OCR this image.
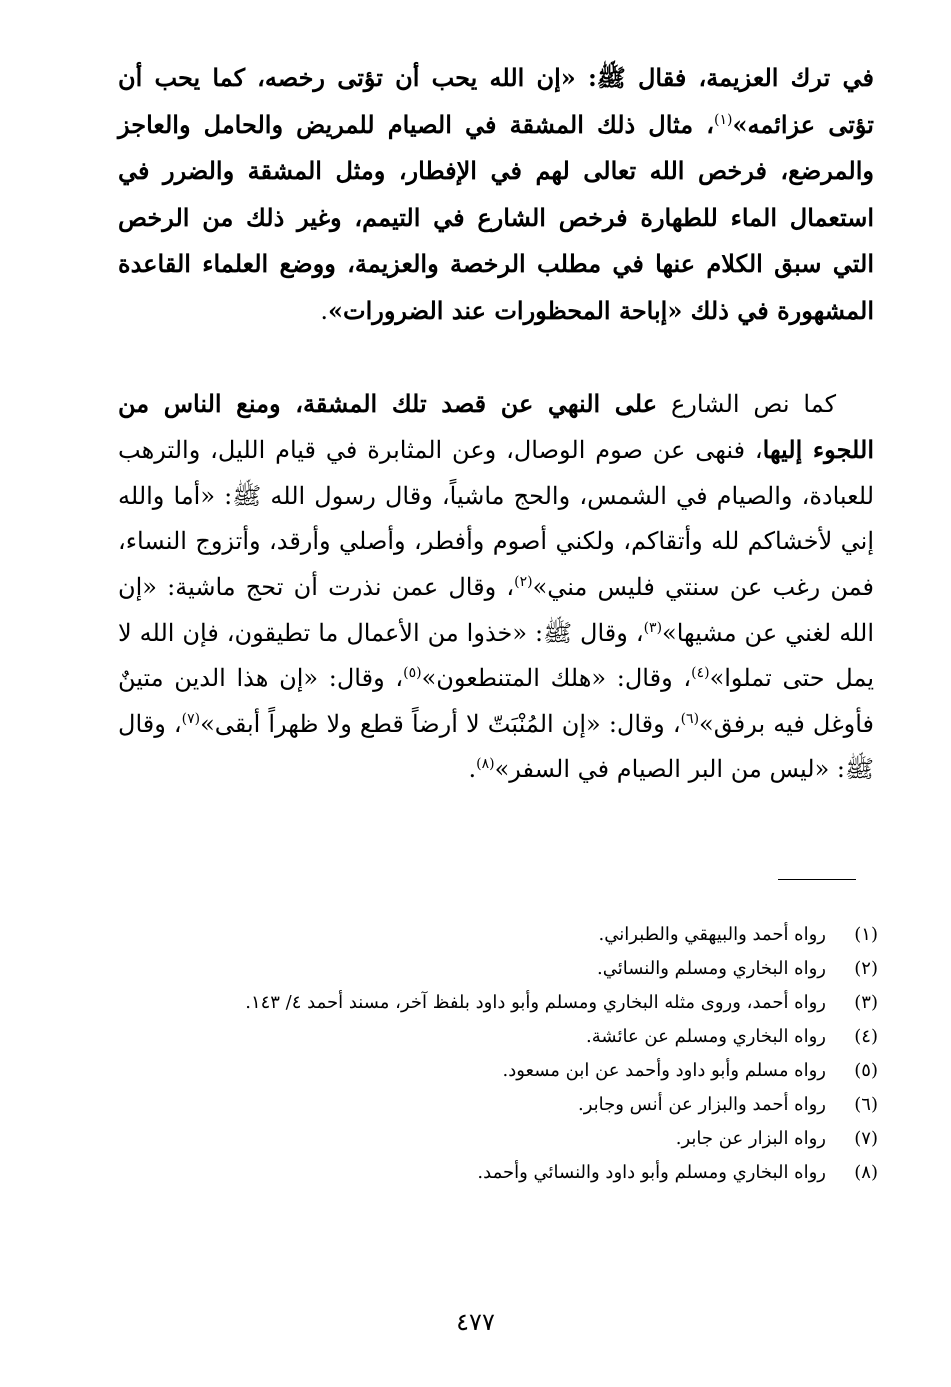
في ترك العزيمة، فقال ﷺ: «إن الله يحب أن تؤتى رخصه، كما يحب أن تؤتى عزائمه»$^{(١)}$، مثال ذلك المشقة في الصيام للمريض والحامل والعاجز والمرضع، فرخص الله تعالى لهم في الإفطار، ومثل المشقة والضرر في استعمال الماء للطهارة فرخص الشارع في التيمم، وغير ذلك من الرخص التي سبق الكلام عنها في مطلب الرخصة والعزيمة، ووضع العلماء القاعدة المشهورة في ذلك «إباحة المحظورات عند الضرورات».

كما نص الشارع على النهي عن قصد تلك المشقة، ومنع الناس من اللجوء إليها، فنهى عن صوم الوصال، وعن المثابرة في قيام الليل، والترهب للعبادة، والصيام في الشمس، والحج ماشياً، وقال رسول الله ﷺ: «أما والله إني لأخشاكم لله وأتقاكم، ولكني أصوم وأفطر، وأصلي وأرقد، وأتزوج النساء، فمن رغب عن سنتي فليس مني»$^{(٢)}$، وقال عمن نذرت أن تحج ماشية: «إن الله لغني عن مشيها»$^{(٣)}$، وقال ﷺ: «خذوا من الأعمال ما تطيقون، فإن الله لا يمل حتى تملوا»$^{(٤)}$، وقال: «هلك المتنطعون»$^{(٥)}$، وقال: «إن هذا الدين متينٌ فأوغل فيه برفق»$^{(٦)}$، وقال: «إن المُنْبَتّ لا أرضاً قطع ولا ظهراً أبقى»$^{(٧)}$، وقال ﷺ: «ليس من البر الصيام في السفر»$^{(٨)}$.

(١)
رواه أحمد والبيهقي والطبراني.
(٢)
رواه البخاري ومسلم والنسائي.
(٣)
رواه أحمد، وروى مثله البخاري ومسلم وأبو داود بلفظ آخر، مسند أحمد ٤/ ١٤٣.
(٤)
رواه البخاري ومسلم عن عائشة.
(٥)
رواه مسلم وأبو داود وأحمد عن ابن مسعود.
(٦)
رواه أحمد والبزار عن أنس وجابر.
(٧)
رواه البزار عن جابر.
(٨)
رواه البخاري ومسلم وأبو داود والنسائي وأحمد.
٤٧٧
